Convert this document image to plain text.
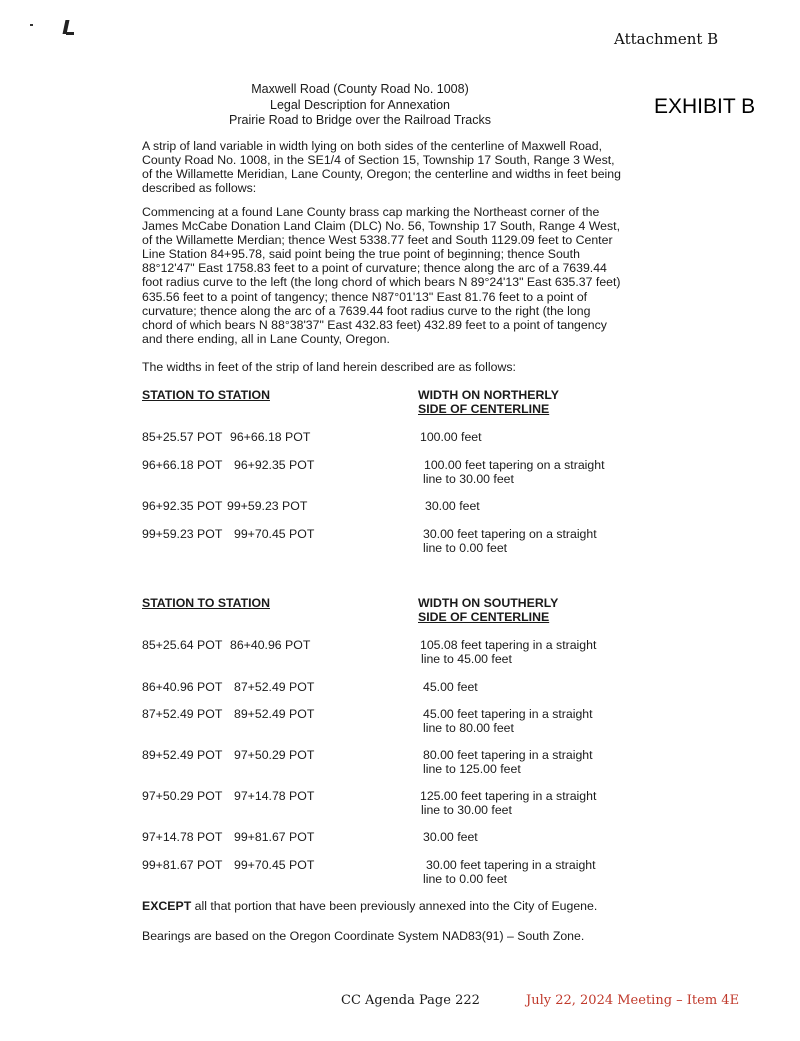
Attachment B
EXHIBIT B
Maxwell Road (County Road No. 1008)
Legal Description for Annexation
Prairie Road to Bridge over the Railroad Tracks
A strip of land variable in width lying on both sides of the centerline of Maxwell Road, County Road No. 1008, in the SE1/4 of Section 15, Township 17 South, Range 3 West, of the Willamette Meridian, Lane County, Oregon; the centerline and widths in feet being described as follows:
Commencing at a found Lane County brass cap marking the Northeast corner of the James McCabe Donation Land Claim (DLC) No. 56, Township 17 South, Range 4 West, of the Willamette Merdian; thence West 5338.77 feet and South 1129.09 feet to Center Line Station 84+95.78, said point being the true point of beginning; thence South 88°12'47" East 1758.83 feet to a point of curvature; thence along the arc of a 7639.44 foot radius curve to the left (the long chord of which bears N 89°24'13" East 635.37 feet) 635.56 feet to a point of tangency; thence N87°01'13" East 81.76 feet to a point of curvature; thence along the arc of a 7639.44 foot radius curve to the right (the long chord of which bears N 88°38'37" East 432.83 feet) 432.89 feet to a point of tangency and there ending, all in Lane County, Oregon.
The widths in feet of the strip of land herein described are as follows:
STATION TO STATION	WIDTH ON NORTHERLY
SIDE OF CENTERLINE
85+25.57 POT 96+66.18 POT	100.00 feet
96+66.18 POT 96+92.35 POT	100.00 feet tapering on a straight
line to 30.00 feet
96+92.35 POT 99+59.23 POT	30.00 feet
99+59.23 POT 99+70.45 POT	30.00 feet tapering on a straight
line to 0.00 feet
STATION TO STATION	WIDTH ON SOUTHERLY
SIDE OF CENTERLINE
85+25.64 POT 86+40.96 POT	105.08 feet tapering in a straight
line to 45.00 feet
86+40.96 POT 87+52.49 POT	45.00 feet
87+52.49 POT 89+52.49 POT	45.00 feet tapering in a straight
line to 80.00 feet
89+52.49 POT 97+50.29 POT	80.00 feet tapering in a straight
line to 125.00 feet
97+50.29 POT 97+14.78 POT	125.00 feet tapering in a straight
line to 30.00 feet
97+14.78 POT 99+81.67 POT	30.00 feet
99+81.67 POT 99+70.45 POT	30.00 feet tapering in a straight
line to 0.00 feet
EXCEPT all that portion that have been previously annexed into the City of Eugene.
Bearings are based on the Oregon Coordinate System NAD83(91) – South Zone.
CC Agenda Page 222	July 22, 2024 Meeting – Item 4E
